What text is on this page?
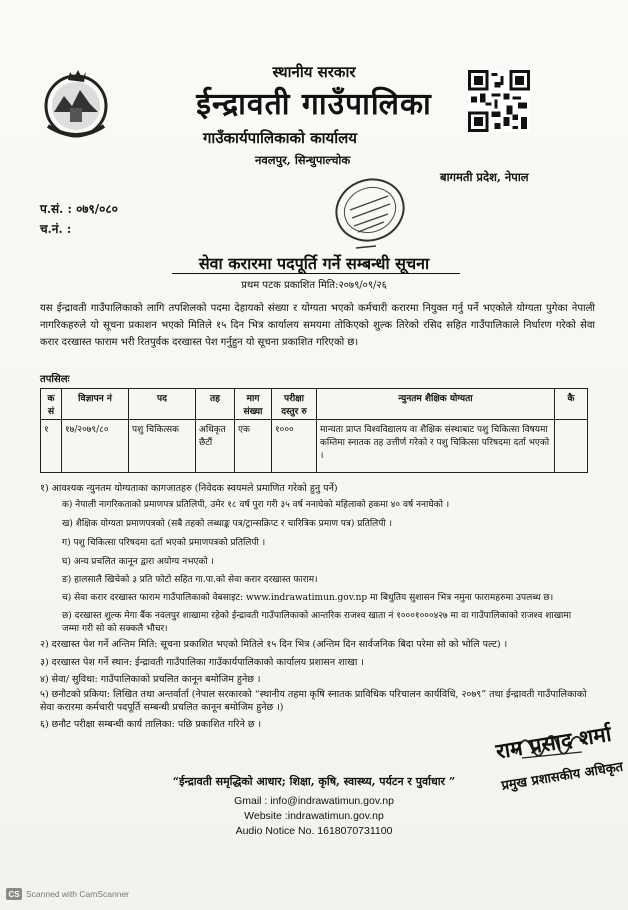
स्थानीय सरकार
ईन्द्रावती गाउँपालिका
गाउँकार्यपालिकाको कार्यालय
नवलपुर, सिन्धुपाल्चोक
बागमती प्रदेश, नेपाल
प.सं. : ०७९/०८०
च.नं. :
सेवा करारमा पदपूर्ति गर्ने सम्बन्धी सूचना
प्रथम पटक प्रकाशित मिति:२०७९/०९/२६
यस ईन्द्रावती गाउँपालिकाको लागि तपशिलको पदमा देहायको संख्या र योग्यता भएको कर्मचारी करारमा नियुक्त गर्नु पर्ने भएकोले योग्यता पुगेका नेपाली नागरिकहरुले यो सूचना प्रकाशन भएको मितिले १५ दिन भित्र कार्यालय समयमा तोकिएको शुल्क तिरेको रसिद सहित गाउँपालिकाले निर्धारण गरेको सेवा करार दरखास्त फाराम भरी रितपुर्वक दरखास्त पेश गर्नुहुन यो सूचना प्रकाशित गरिएको छ।
तपसिलः
क सं	विज्ञापन नं	पद	तह	माग संख्या	परीक्षा दस्तुर रु	न्युनतम शैक्षिक योग्यता	कै
१	१७/२०७९/८०	पशु चिकित्सक	अधिकृत छैटौं	एक	१०००	मान्यता प्राप्त विश्वविद्यालय वा शैक्षिक संस्थाबाट पशु चिकित्सा विषयमा कम्तिमा स्नातक तह उत्तीर्ण गरेको र पशु चिकित्सा परिषदमा दर्ता भएको ।	
१) आवश्यक न्युनतम योग्यताका कागजातहरु (निवेदक स्वयमले प्रमाणित गरेको हुनु पर्ने)
क) नेपाली नागरिकताको प्रमाणपत्र प्रतिलिपी, उमेर १८ वर्ष पुरा गरी ३५ वर्ष ननाघेको महिलाको हकमा ४० वर्ष ननाघेको ।
ख) शैक्षिक योग्यता प्रमाणपत्रको (सबै तहको लब्धाङ्क पत्र/ट्रान्सक्रिप्ट र चारित्रिक प्रमाण पत्र) प्रतिलिपी ।
ग) पशु चिकित्सा परिषदमा दर्ता भएको प्रमाणपत्रको प्रतिलिपी ।
घ) अन्य प्रचलित कानून द्वारा अयोग्य नभएको ।
ङ) हालसालै खिचेको ३ प्रति फोटो सहित गा.पा.को सेवा करार दरखास्त फाराम।
च) सेवा करार दरखास्त फाराम गाउँपालिकाको वेबसाइट: www.indrawatimun.gov.np मा बिधुतिय सुशासन भित्र नमुना फारामहरुमा उपलब्ध छ।
छ) दरखास्त शुल्क मेगा बैंक नवलपुर शाखामा रहेको ईन्द्रावती गाउँपालिकाको आन्तरिक राजश्व खाता नं १०००१०००४२७ मा वा गाउँपालिकाको राजश्व शाखामा जम्मा गरी सो को सक्कलै भौचर।
२) दरखास्त पेश गर्ने अन्तिम मिति: सूचना प्रकाशित भएको मितिले १५ दिन भित्र (अन्तिम दिन सार्वजनिक बिदा परेमा सो को भोलि पल्ट) ।
३) दरखास्त पेश गर्ने स्थान: ईन्द्रावती गाउँपालिका गाउँकार्यपालिकाको कार्यालय प्रशासन शाखा ।
४) सेवा/ सुविधा: गाउँपालिकाको प्रचलित कानून बमोजिम हुनेछ ।
५) छनौटको प्रकिया: लिखित तथा अन्तर्वार्ता (नेपाल सरकारको “स्थानीय तहमा कृषि स्नातक प्राविधिक परिचालन कार्यविधि, २०७९” तथा ईन्द्रावती गाउँपालिकाको सेवा करारमा कर्मचारी पदपूर्ति सम्बन्धी प्रचलित कानून बमोजिम हुनेछ ।)
६) छनौट परीक्षा सम्बन्धी कार्य तालिका: पछि प्रकाशित गरिने छ ।	राम प्रसाद शर्मा
प्रमुख प्रशासकीय अधिकृत
“ईन्द्रावती समृद्धिको आधार; शिक्षा, कृषि, स्वास्थ्य, पर्यटन र पुर्वाधार ”
Gmail : info@indrawatimun.gov.np
Website :indrawatimun.gov.np
Audio Notice No. 1618070731100
CS Scanned with CamScanner
